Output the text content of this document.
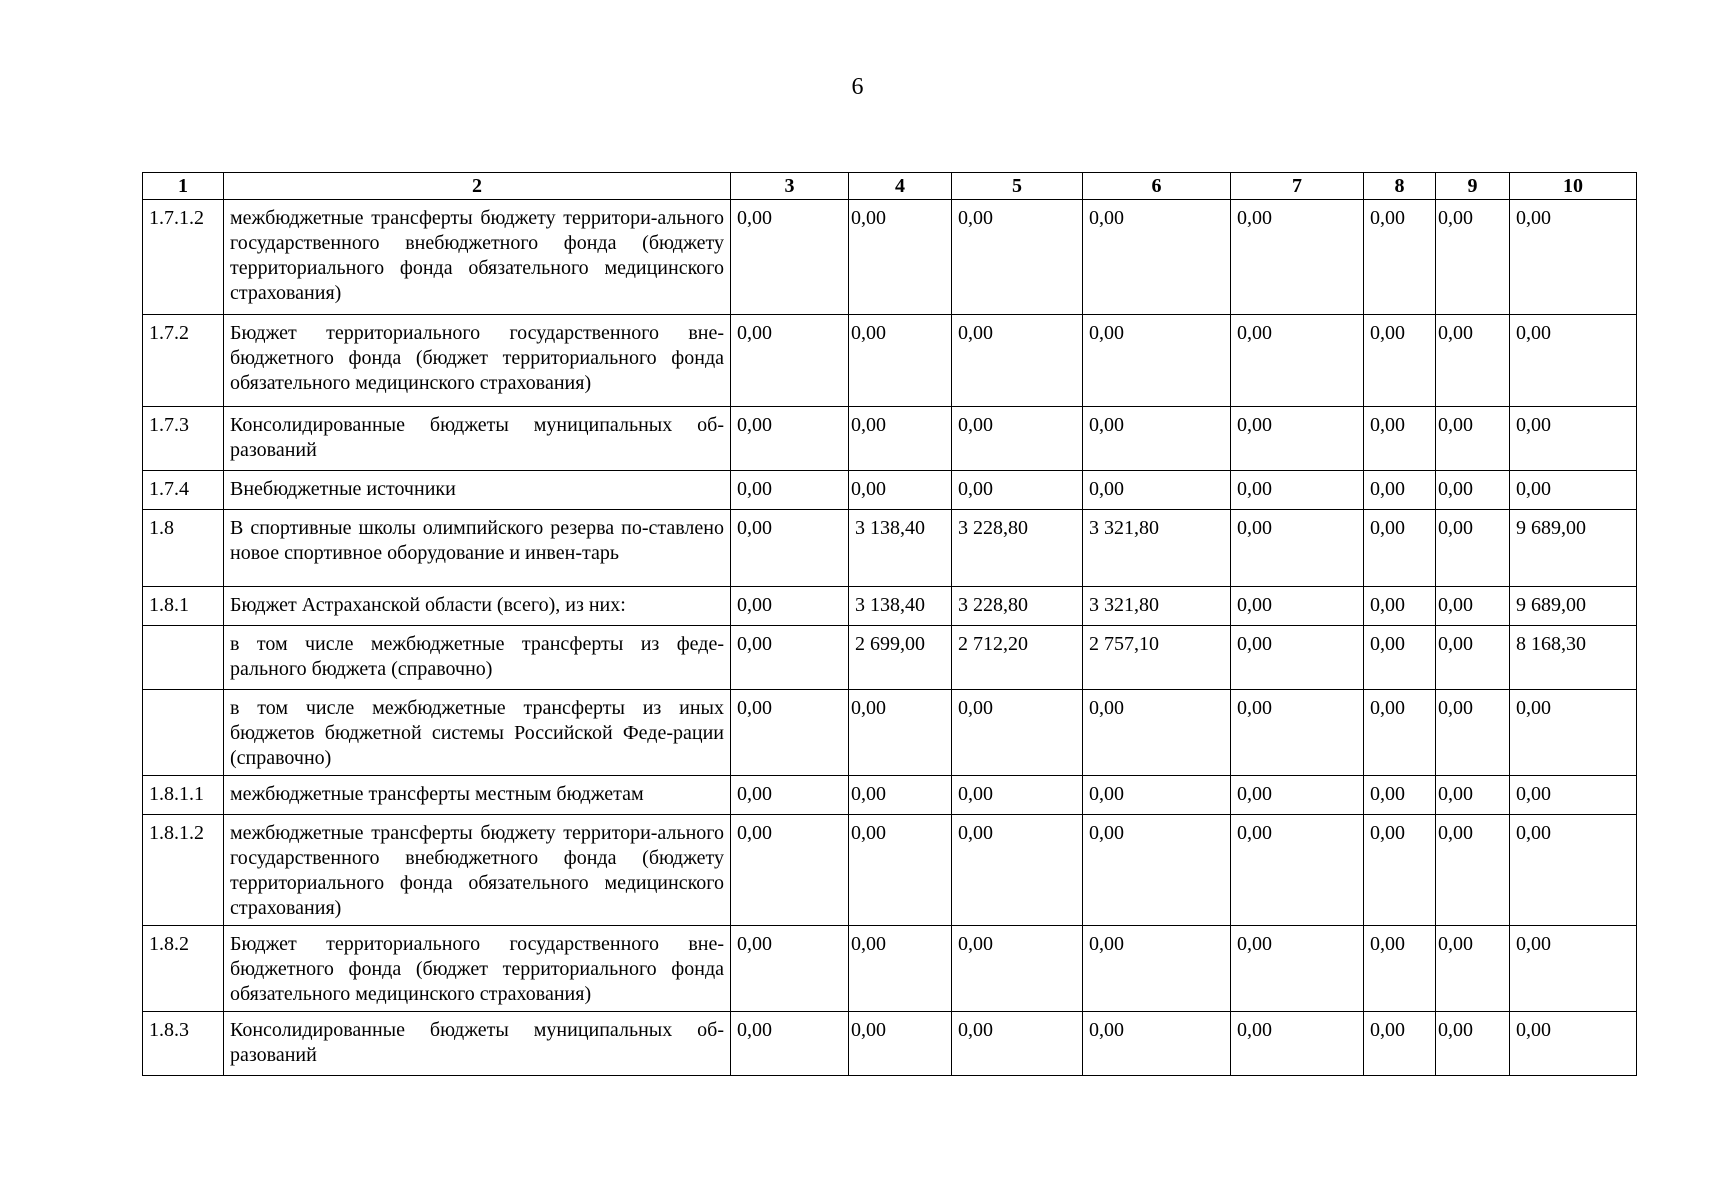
6
1	2	3	4	5	6	7	8	9	10
1.7.1.2	межбюджетные трансферты бюджету территори-ального государственного внебюджетного фонда (бюджету территориального фонда обязательного медицинского страхования)	0,00	0,00	0,00	0,00	0,00	0,00	0,00	0,00
1.7.2	Бюджет территориального государственного вне-бюджетного фонда (бюджет территориального фонда обязательного медицинского страхования)	0,00	0,00	0,00	0,00	0,00	0,00	0,00	0,00
1.7.3	Консолидированные бюджеты муниципальных об-разований	0,00	0,00	0,00	0,00	0,00	0,00	0,00	0,00
1.7.4	Внебюджетные источники	0,00	0,00	0,00	0,00	0,00	0,00	0,00	0,00
1.8	В спортивные школы олимпийского резерва по-ставлено новое спортивное оборудование и инвен-тарь	0,00	3 138,40	3 228,80	3 321,80	0,00	0,00	0,00	9 689,00
1.8.1	Бюджет Астраханской области (всего), из них:	0,00	3 138,40	3 228,80	3 321,80	0,00	0,00	0,00	9 689,00
	в том числе межбюджетные трансферты из феде-рального бюджета (справочно)	0,00	2 699,00	2 712,20	2 757,10	0,00	0,00	0,00	8 168,30
	в том числе межбюджетные трансферты из иных бюджетов бюджетной системы Российской Феде-рации (справочно)	0,00	0,00	0,00	0,00	0,00	0,00	0,00	0,00
1.8.1.1	межбюджетные трансферты местным бюджетам	0,00	0,00	0,00	0,00	0,00	0,00	0,00	0,00
1.8.1.2	межбюджетные трансферты бюджету территори-ального государственного внебюджетного фонда (бюджету территориального фонда обязательного медицинского страхования)	0,00	0,00	0,00	0,00	0,00	0,00	0,00	0,00
1.8.2	Бюджет территориального государственного вне-бюджетного фонда (бюджет территориального фонда обязательного медицинского страхования)	0,00	0,00	0,00	0,00	0,00	0,00	0,00	0,00
1.8.3	Консолидированные бюджеты муниципальных об-разований	0,00	0,00	0,00	0,00	0,00	0,00	0,00	0,00
